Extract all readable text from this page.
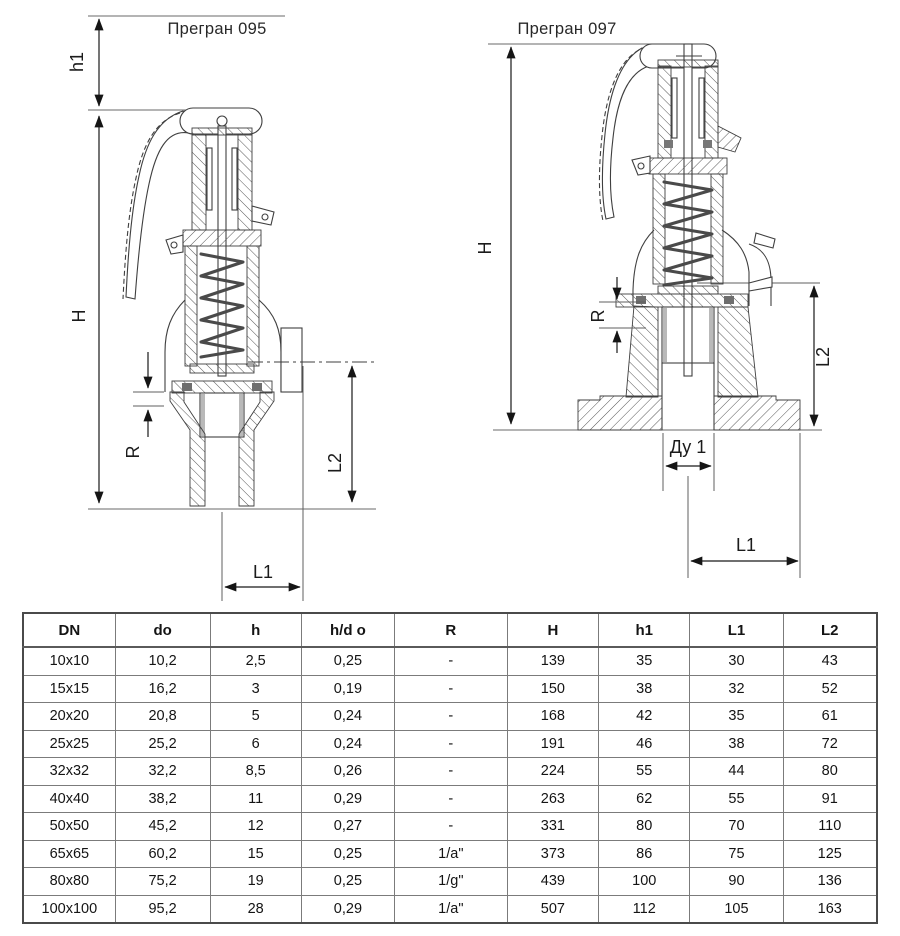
Прегран 095
h1
H
R
L2
L1
Прегран 097
H
R
L2
Ду 1
L1
DN	do	h	h/d o	R	H	h1	L1	L2
10x10	10,2	2,5	0,25	-	139	35	30	43
15x15	16,2	3	0,19	-	150	38	32	52
20x20	20,8	5	0,24	-	168	42	35	61
25x25	25,2	6	0,24	-	191	46	38	72
32x32	32,2	8,5	0,26	-	224	55	44	80
40x40	38,2	11	0,29	-	263	62	55	91
50x50	45,2	12	0,27	-	331	80	70	110
65x65	60,2	15	0,25	1/a"	373	86	75	125
80x80	75,2	19	0,25	1/g"	439	100	90	136
100x100	95,2	28	0,29	1/a"	507	112	105	163
